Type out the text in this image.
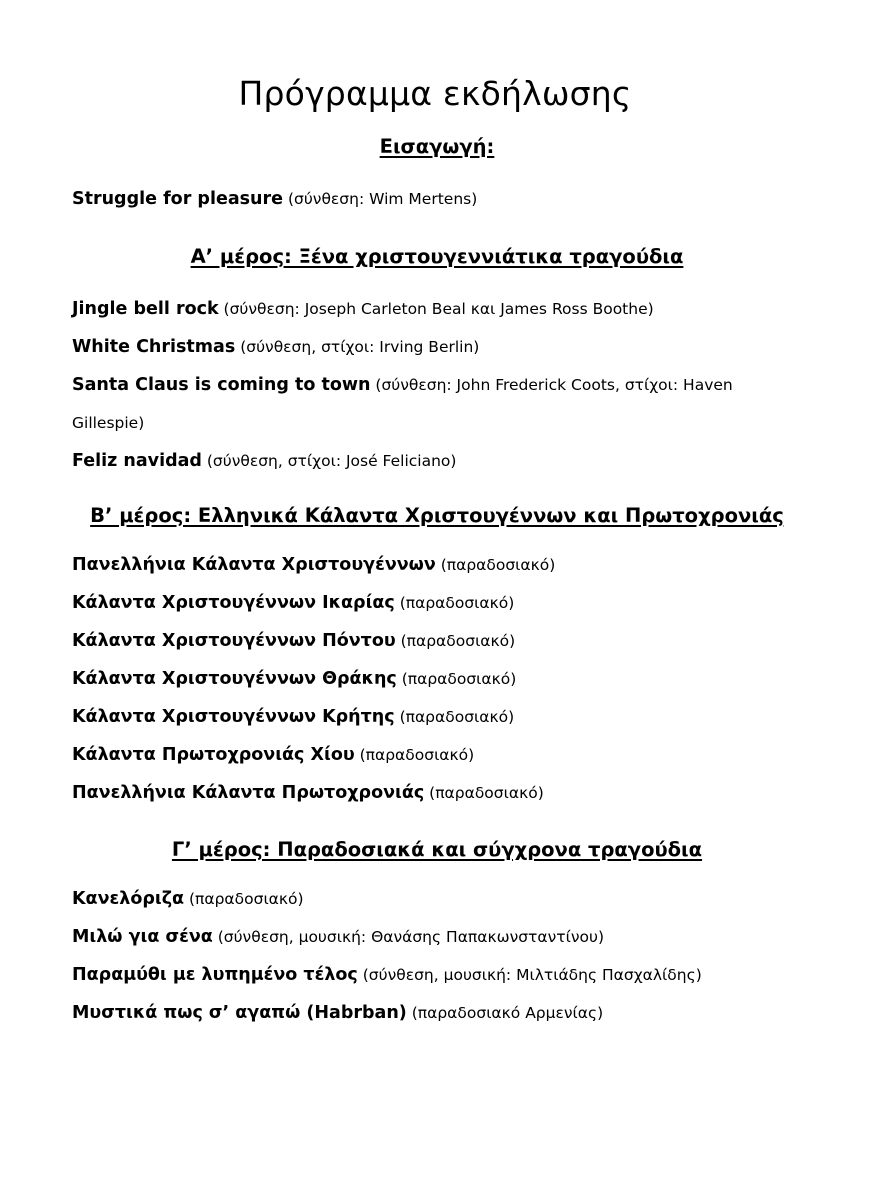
Πρόγραμμα εκδήλωσης
Εισαγωγή:
Struggle for pleasure (σύνθεση: Wim Mertens)
Α’ μέρος: Ξένα χριστουγεννιάτικα τραγούδια
Jingle bell rock (σύνθεση: Joseph Carleton Beal και James Ross Boothe)
White Christmas (σύνθεση, στίχοι: Irving Berlin)
Santa Claus is coming to town (σύνθεση: John Frederick Coots, στίχοι: Haven Gillespie)
Feliz navidad (σύνθεση, στίχοι: José Feliciano)
Β’ μέρος: Ελληνικά Κάλαντα Χριστουγέννων και Πρωτοχρονιάς
Πανελλήνια Κάλαντα Χριστουγέννων (παραδοσιακό)
Κάλαντα Χριστουγέννων Ικαρίας (παραδοσιακό)
Κάλαντα Χριστουγέννων Πόντου (παραδοσιακό)
Κάλαντα Χριστουγέννων Θράκης (παραδοσιακό)
Κάλαντα Χριστουγέννων Κρήτης (παραδοσιακό)
Κάλαντα Πρωτοχρονιάς Χίου (παραδοσιακό)
Πανελλήνια Κάλαντα Πρωτοχρονιάς (παραδοσιακό)
Γ’ μέρος: Παραδοσιακά και σύγχρονα τραγούδια
Κανελόριζα (παραδοσιακό)
Μιλώ για σένα (σύνθεση, μουσική: Θανάσης Παπακωνσταντίνου)
Παραμύθι με λυπημένο τέλος (σύνθεση, μουσική: Μιλτιάδης Πασχαλίδης)
Μυστικά πως σ’ αγαπώ (Habrban) (παραδοσιακό Αρμενίας)
